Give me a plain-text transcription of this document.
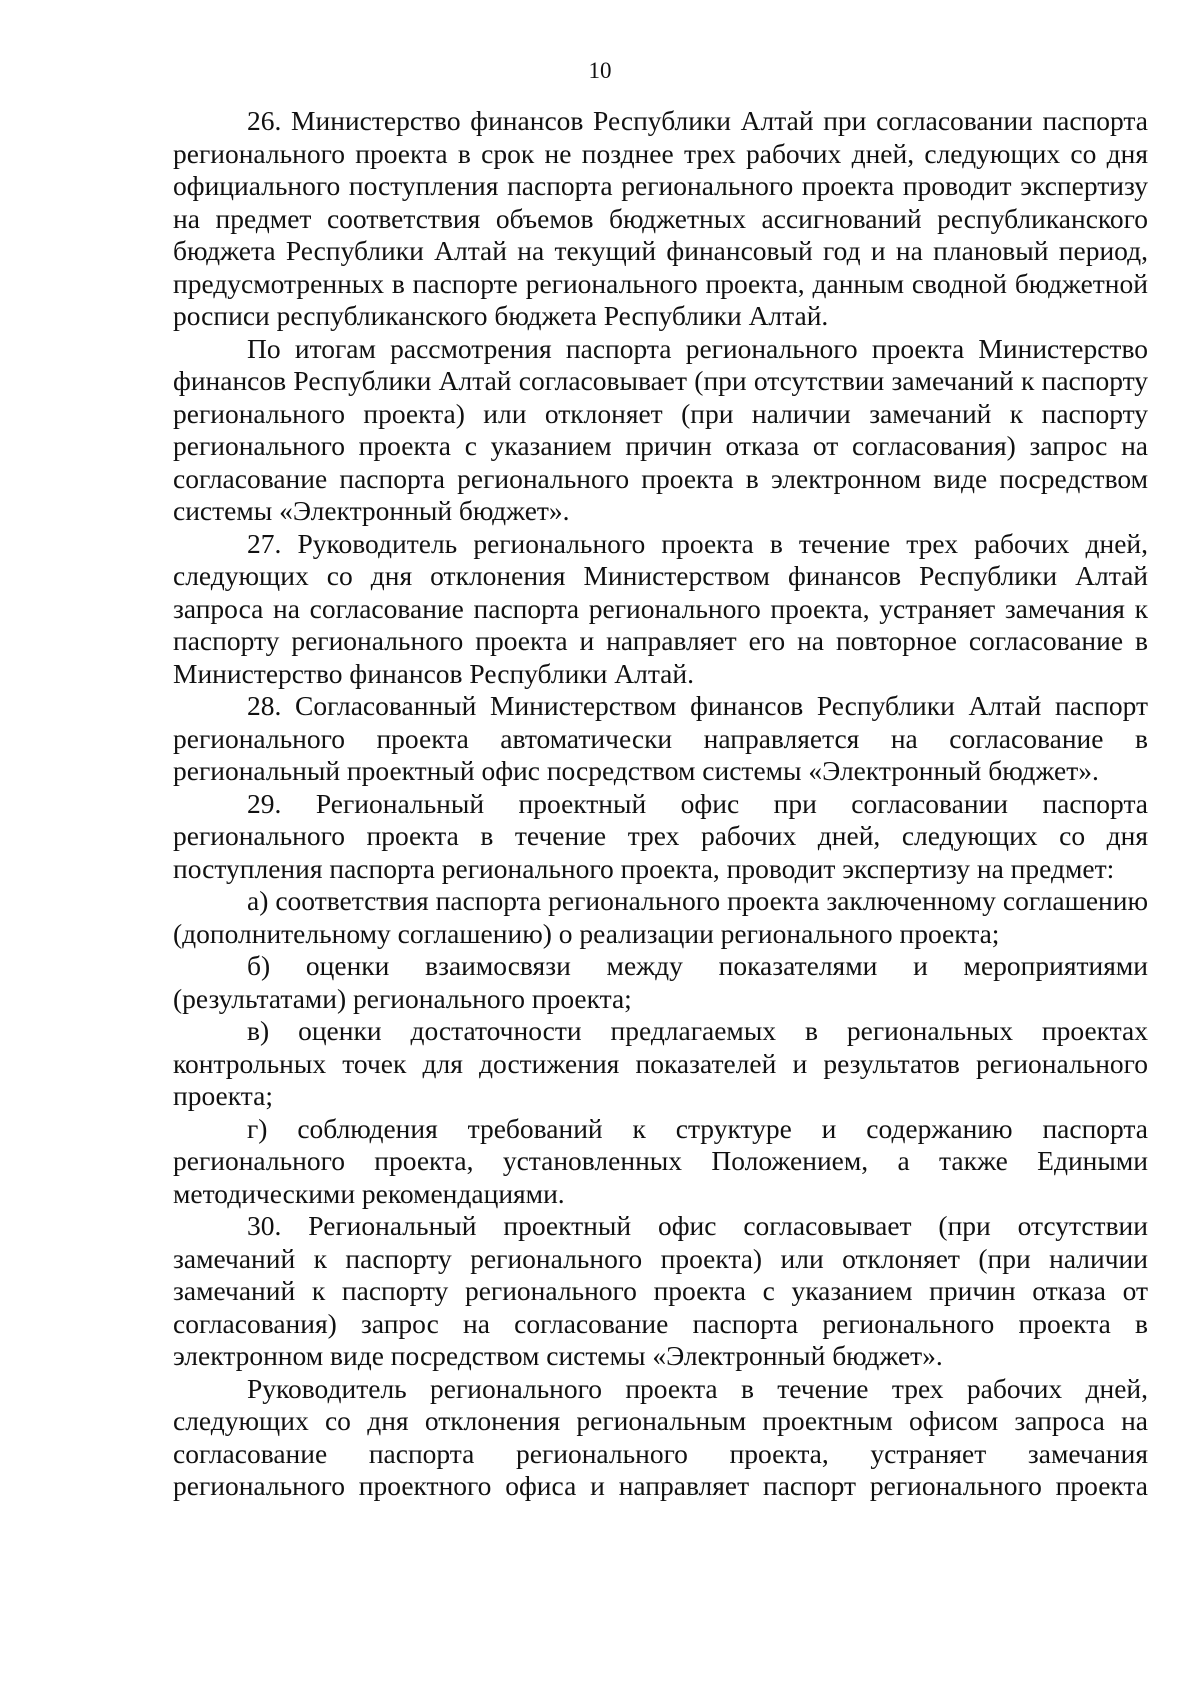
10

26. Министерство финансов Республики Алтай при согласовании паспорта регионального проекта в срок не позднее трех рабочих дней, следующих со дня официального поступления паспорта регионального проекта проводит экспертизу на предмет соответствия объемов бюджетных ассигнований республиканского бюджета Республики Алтай на текущий финансовый год и на плановый период, предусмотренных в паспорте регионального проекта, данным сводной бюджетной росписи республиканского бюджета Республики Алтай.

По итогам рассмотрения паспорта регионального проекта Министерство финансов Республики Алтай согласовывает (при отсутствии замечаний к паспорту регионального проекта) или отклоняет (при наличии замечаний к паспорту регионального проекта с указанием причин отказа от согласования) запрос на согласование паспорта регионального проекта в электронном виде посредством системы «Электронный бюджет».

27. Руководитель регионального проекта в течение трех рабочих дней, следующих со дня отклонения Министерством финансов Республики Алтай запроса на согласование паспорта регионального проекта, устраняет замечания к паспорту регионального проекта и направляет его на повторное согласование в Министерство финансов Республики Алтай.

28. Согласованный Министерством финансов Республики Алтай паспорт регионального проекта автоматически направляется на согласование в региональный проектный офис посредством системы «Электронный бюджет».

29. Региональный проектный офис при согласовании паспорта регионального проекта в течение трех рабочих дней, следующих со дня поступления паспорта регионального проекта, проводит экспертизу на предмет:

а) соответствия паспорта регионального проекта заключенному соглашению (дополнительному соглашению) о реализации регионального проекта;

б) оценки взаимосвязи между показателями и мероприятиями (результатами) регионального проекта;

в) оценки достаточности предлагаемых в региональных проектах контрольных точек для достижения показателей и результатов регионального проекта;

г) соблюдения требований к структуре и содержанию паспорта регионального проекта, установленных Положением, а также Едиными методическими рекомендациями.

30. Региональный проектный офис согласовывает (при отсутствии замечаний к паспорту регионального проекта) или отклоняет (при наличии замечаний к паспорту регионального проекта с указанием причин отказа от согласования) запрос на согласование паспорта регионального проекта в электронном виде посредством системы «Электронный бюджет».

Руководитель регионального проекта в течение трех рабочих дней, следующих со дня отклонения региональным проектным офисом запроса на согласование паспорта регионального проекта, устраняет замечания регионального проектного офиса и направляет паспорт регионального проекта
